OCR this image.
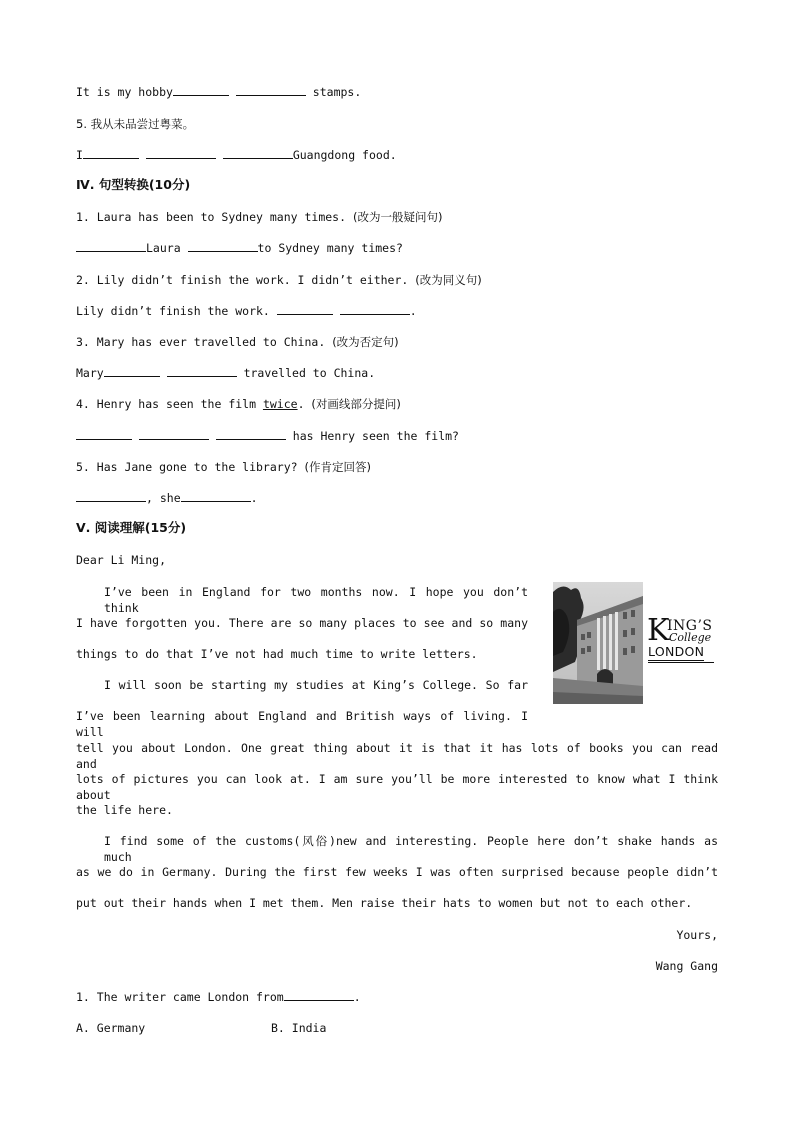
It is my hobby	stamps.
5. 我从未品尝过粤菜。
I	Guangdong food.
Ⅳ. 句型转换(10分)
1. Laura has been to Sydney many times. (改为一般疑问句)
Laura	to Sydney many times?
2. Lily didn’t finish the work. I didn’t either. (改为同义句)
Lily didn’t finish the work.	.
3. Mary has ever travelled to China. (改为否定句)
Mary	travelled to China.
4. Henry has seen the film twice. (对画线部分提问)
has Henry seen the film?
5. Has Jane gone to the library? (作肯定回答)
, she	.
Ⅴ. 阅读理解(15分)
Dear Li Ming,
I’ve been in England for two months now. I hope you don’t think
I have forgotten you. There are so many places to see and so many
things to do that I’ve not had much time to write letters.
I will soon be starting my studies at King’s College. So far
I’ve been learning about England and British ways of living. I will
tell you about London. One great thing about it is that it has lots of books you can read and
lots of pictures you can look at. I am sure you’ll be more interested to know what I think about
the life here.
I find some of the customs(风俗)new and interesting. People here don’t shake hands as much
as we do in Germany. During the first few weeks I was often surprised because people didn’t
put out their hands when I met them. Men raise their hats to women but not to each other.
Yours,
Wang Gang
1. The writer came London from	.
A. Germany	B. India
K
ING’S
College
LONDON
